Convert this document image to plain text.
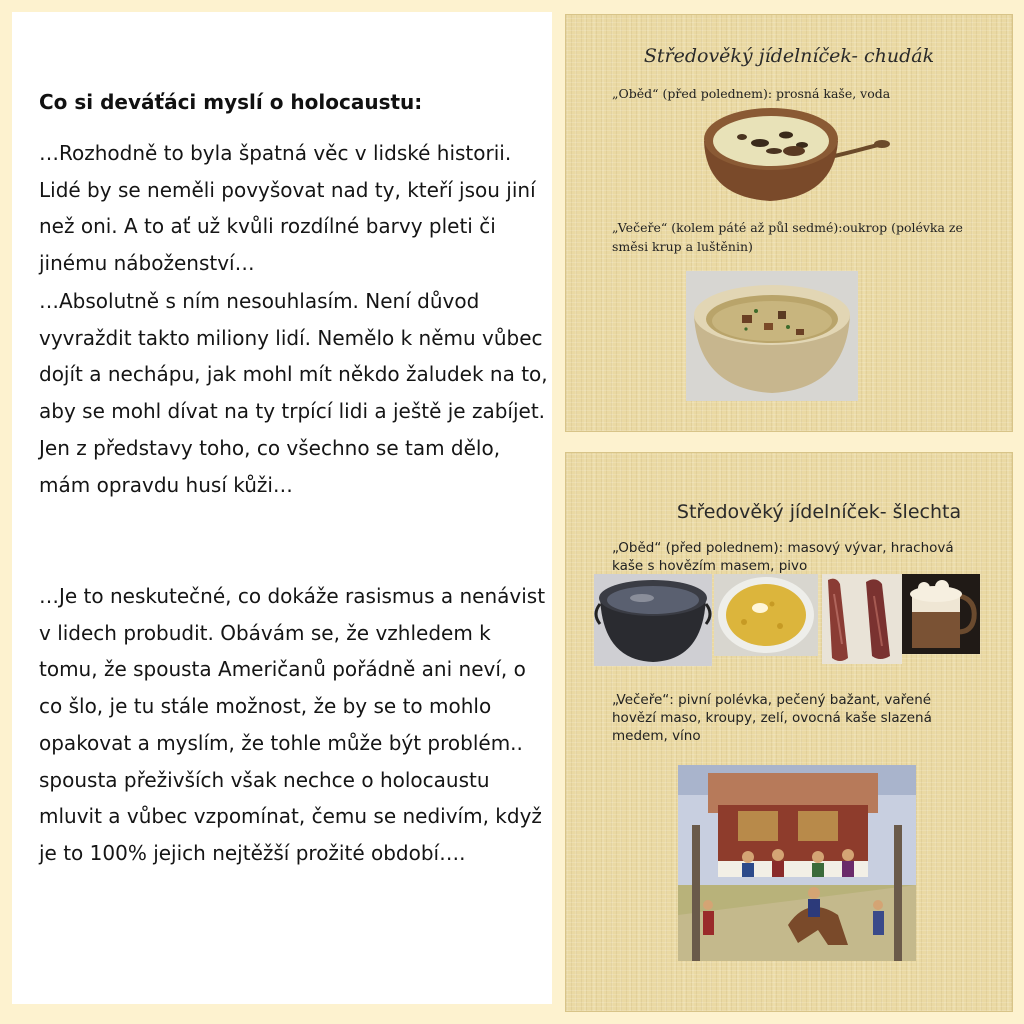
Co si deváťáci myslí o holocaustu:

…Rozhodně to byla špatná věc v lidské historii. Lidé by se neměli povyšovat nad ty, kteří jsou jiní než oni. A to ať už kvůli rozdílné barvy pleti či jinému náboženství…

…Absolutně s ním nesouhlasím. Není důvod vyvraždit takto miliony lidí. Nemělo k němu vůbec dojít a nechápu, jak mohl mít někdo žaludek na to, aby se mohl dívat na ty trpící lidi a ještě je zabíjet. Jen z představy toho, co všechno se tam dělo, mám opravdu husí kůži…

…Je to neskutečné, co dokáže rasismus a nenávist v lidech probudit. Obávám se, že vzhledem k tomu, že spousta Američanů pořádně ani neví, o co šlo, je tu stále možnost, že by se to mohlo opakovat a myslím, že tohle může být problém.. spousta přeživších však nechce o holocaustu mluvit a vůbec vzpomínat, čemu se nedivím, když je to 100% jejich nejtěžší prožité období….

Středověký jídelníček- chudák

„Oběd“ (před polednem): prosná kaše, voda

„Večeře“ (kolem páté až půl sedmé):oukrop (polévka ze směsi krup a luštěnin)

Středověký jídelníček- šlechta

„Oběd“ (před polednem): masový vývar, hrachová kaše s hovězím masem, pivo

„Večeře“: pivní polévka, pečený bažant, vařené hovězí maso, kroupy, zelí, ovocná kaše slazená medem, víno
